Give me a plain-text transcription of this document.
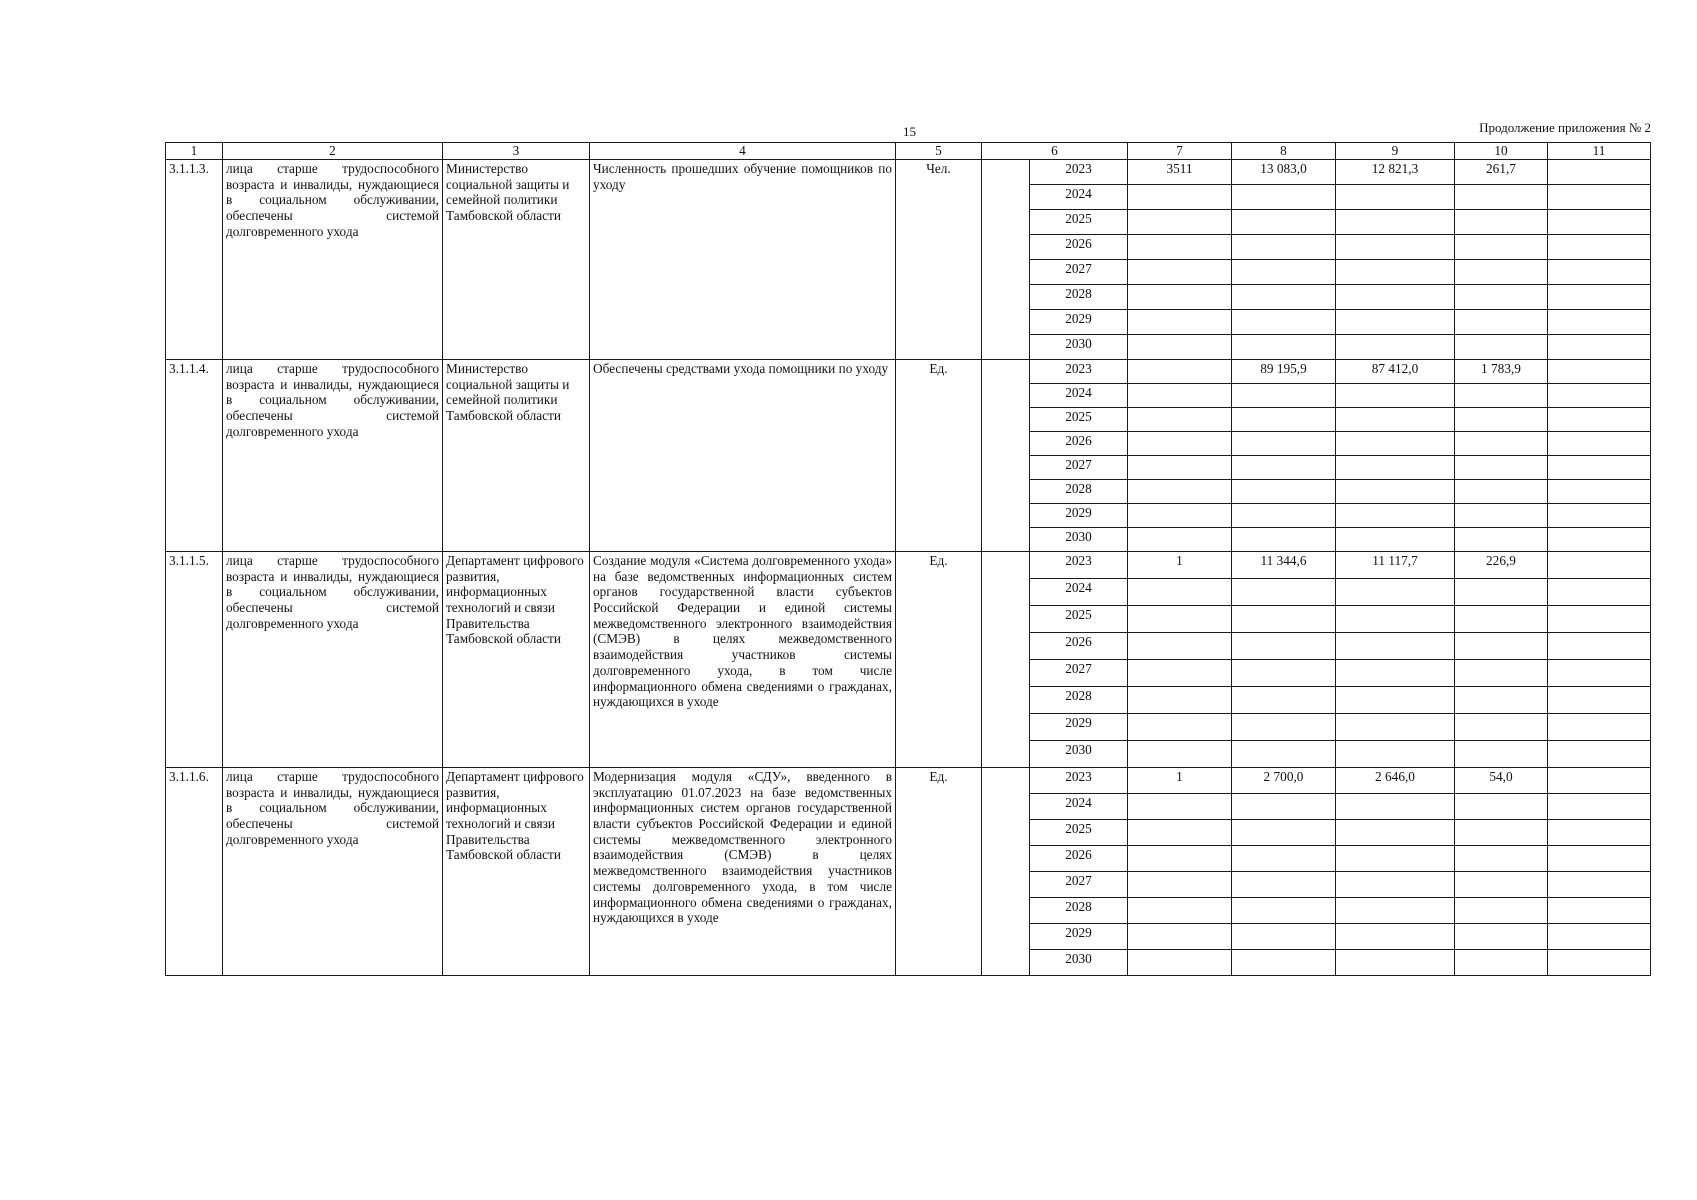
15	Продолжение приложения № 2
1	2	3	4	5	6		7	8	9	10	11	
3.1.1.3.	лица старше трудоспособного возраста и инвалиды, нуждающиеся в социальном обслуживании, обеспечены системой долговременного ухода	Министерство социальной защиты и семейной политики Тамбовской области	Численность прошедших обучение помощников по уходу	Чел.		2023	3511	13 083,0	12 821,3	261,7		
						2024						
						2025						
						2026						
						2027						
						2028						
						2029						
						2030						
3.1.1.4.	лица старше трудоспособного возраста и инвалиды, нуждающиеся в социальном обслуживании, обеспечены системой долговременного ухода	Министерство социальной защиты и семейной политики Тамбовской области	Обеспечены средствами ухода помощники по уходу	Ед.		2023		89 195,9	87 412,0	1 783,9		
						2024						
						2025						
						2026						
						2027						
						2028						
						2029						
						2030						
3.1.1.5.	лица старше трудоспособного возраста и инвалиды, нуждающиеся в социальном обслуживании, обеспечены системой долговременного ухода	Департамент цифрового развития, информационных технологий и связи Правительства Тамбовской области	Создание модуля «Система долговременного ухода» на базе ведомственных информационных систем органов государственной власти субъектов Российской Федерации и единой системы межведомственного электронного взаимодействия (СМЭВ) в целях межведомственного взаимодействия участников системы долговременного ухода, в том числе информационного обмена сведениями о гражданах, нуждающихся в уходе	Ед.		2023	1	11 344,6	11 117,7	226,9		
						2024						
						2025						
						2026						
						2027						
						2028						
						2029						
						2030						
3.1.1.6.	лица старше трудоспособного возраста и инвалиды, нуждающиеся в социальном обслуживании, обеспечены системой долговременного ухода	Департамент цифрового развития, информационных технологий и связи Правительства Тамбовской области	Модернизация модуля «СДУ», введенного в эксплуатацию 01.07.2023 на базе ведомственных информационных систем органов государственной власти субъектов Российской Федерации и единой системы межведомственного электронного взаимодействия (СМЭВ) в целях межведомственного взаимодействия участников системы долговременного ухода, в том числе информационного обмена сведениями о гражданах, нуждающихся в уходе	Ед.		2023	1	2 700,0	2 646,0	54,0		
						2024						
						2025						
						2026						
						2027						
						2028						
						2029						
						2030						
